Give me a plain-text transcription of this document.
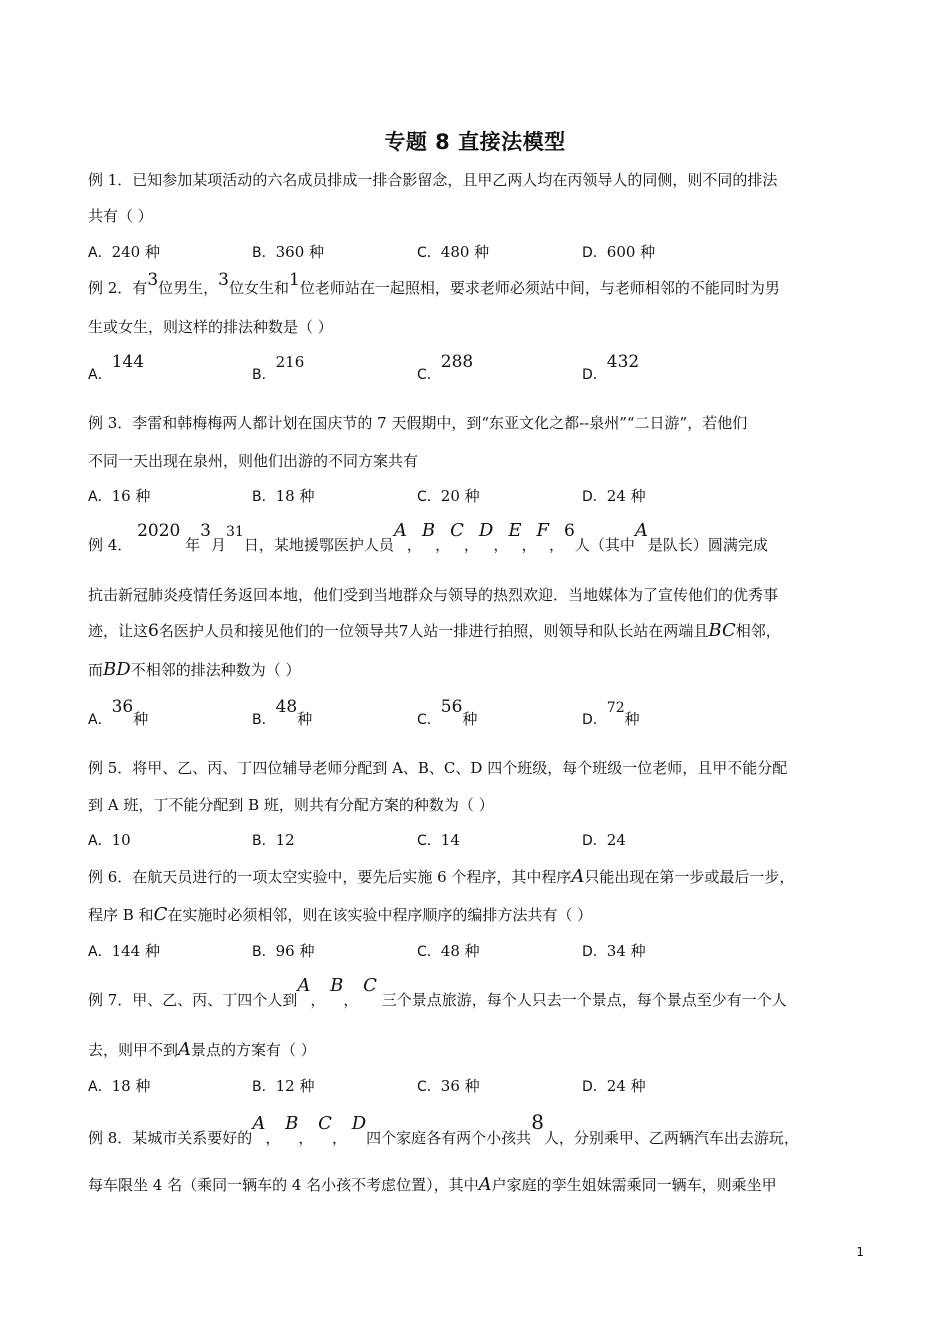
专题 8 直接法模型
例 1．已知参加某项活动的六名成员排成一排合影留念，且甲乙两人均在丙领导人的同侧，则不同的排法
共有（ ）
A．240 种	B．360 种	C．480 种	D．600 种
例 2．有3位男生，3位女生和1位老师站在一起照相，要求老师必须站中间，与老师相邻的不能同时为男
生或女生，则这样的排法种数是（ ）
A．144
B．216
C．288
D．432
例 3．李雷和韩梅梅两人都计划在国庆节的 7 天假期中，到“东亚文化之都--泉州”“二日游”，若他们
不同一天出现在泉州，则他们出游的不同方案共有
A．16 种	B．18 种	C．20 种	D．24 种
例 4． 2020 年3月31日，某地援鄂医护人员A，B，C，D，E，F，6人（其中A是队长）圆满完成
抗击新冠肺炎疫情任务返回本地，他们受到当地群众与领导的热烈欢迎．当地媒体为了宣传他们的优秀事
迹，让这6名医护人员和接见他们的一位领导共7人站一排进行拍照，则领导和队长站在两端且BC相邻，
而BD不相邻的排法种数为（ ）
A．36种	B．48种	C．56种	D．72种
例 5．将甲、乙、丙、丁四位辅导老师分配到 A、B、C、D 四个班级，每个班级一位老师，且甲不能分配
到 A 班，丁不能分配到 B 班，则共有分配方案的种数为（ ）
A．10	B．12	C．14	D．24
例 6．在航天员进行的一项太空实验中，要先后实施 6 个程序，其中程序A只能出现在第一步或最后一步，
程序 B 和C在实施时必须相邻，则在该实验中程序顺序的编排方法共有（ ）
A．144 种	B．96 种	C．48 种	D．34 种
例 7．甲、乙、丙、丁四个人到A， B， C 三个景点旅游，每个人只去一个景点，每个景点至少有一个人
去，则甲不到A景点的方案有（ ）
A．18 种	B．12 种	C．36 种	D．24 种
例 8．某城市关系要好的A， B， C， D四个家庭各有两个小孩共8人，分别乘甲、乙两辆汽车出去游玩，
每车限坐 4 名（乘同一辆车的 4 名小孩不考虑位置），其中A户家庭的孪生姐妹需乘同一辆车，则乘坐甲
1
